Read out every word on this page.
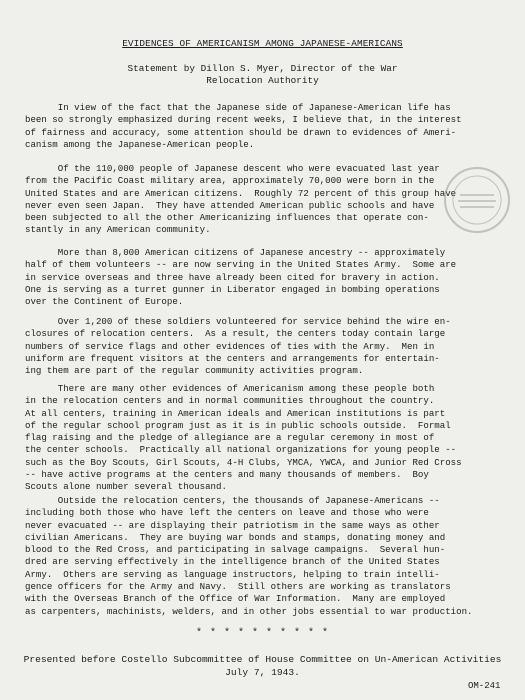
EVIDENCES OF AMERICANISM AMONG JAPANESE-AMERICANS
Statement by Dillon S. Myer, Director of the War
Relocation Authority
In view of the fact that the Japanese side of Japanese-American life has
been so strongly emphasized during recent weeks, I believe that, in the interest
of fairness and accuracy, some attention should be drawn to evidences of Ameri-
canism among the Japanese-American people.
Of the 110,000 people of Japanese descent who were evacuated last year
from the Pacific Coast military area, approximately 70,000 were born in the
United States and are American citizens.  Roughly 72 percent of this group have
never even seen Japan.  They have attended American public schools and have
been subjected to all the other Americanizing influences that operate con-
stantly in any American community.
More than 8,000 American citizens of Japanese ancestry -- approximately
half of them volunteers -- are now serving in the United States Army.  Some are
in service overseas and three have already been cited for bravery in action.
One is serving as a turret gunner in Liberator engaged in bombing operations
over the Continent of Europe.
Over 1,200 of these soldiers volunteered for service behind the wire en-
closures of relocation centers.  As a result, the centers today contain large
numbers of service flags and other evidences of ties with the Army.  Men in
uniform are frequent visitors at the centers and arrangements for entertain-
ing them are part of the regular community activities program.
There are many other evidences of Americanism among these people both
in the relocation centers and in normal communities throughout the country.
At all centers, training in American ideals and American institutions is part
of the regular school program just as it is in public schools outside.  Formal
flag raising and the pledge of allegiance are a regular ceremony in most of
the center schools.  Practically all national organizations for young people --
such as the Boy Scouts, Girl Scouts, 4-H Clubs, YMCA, YWCA, and Junior Red Cross
-- have active programs at the centers and many thousands of members.  Boy
Scouts alone number several thousand.
Outside the relocation centers, the thousands of Japanese-Americans --
including both those who have left the centers on leave and those who were
never evacuated -- are displaying their patriotism in the same ways as other
civilian Americans.  They are buying war bonds and stamps, donating money and
blood to the Red Cross, and participating in salvage campaigns.  Several hun-
dred are serving effectively in the intelligence branch of the United States
Army.  Others are serving as language instructors, helping to train intelli-
gence officers for the Army and Navy.  Still others are working as translators
with the Overseas Branch of the Office of War Information.  Many are employed
as carpenters, machinists, welders, and in other jobs essential to war production.
* * * * * * * * * *
Presented before Costello Subcommittee of House Committee on Un-American Activities
July 7, 1943.
OM-241
